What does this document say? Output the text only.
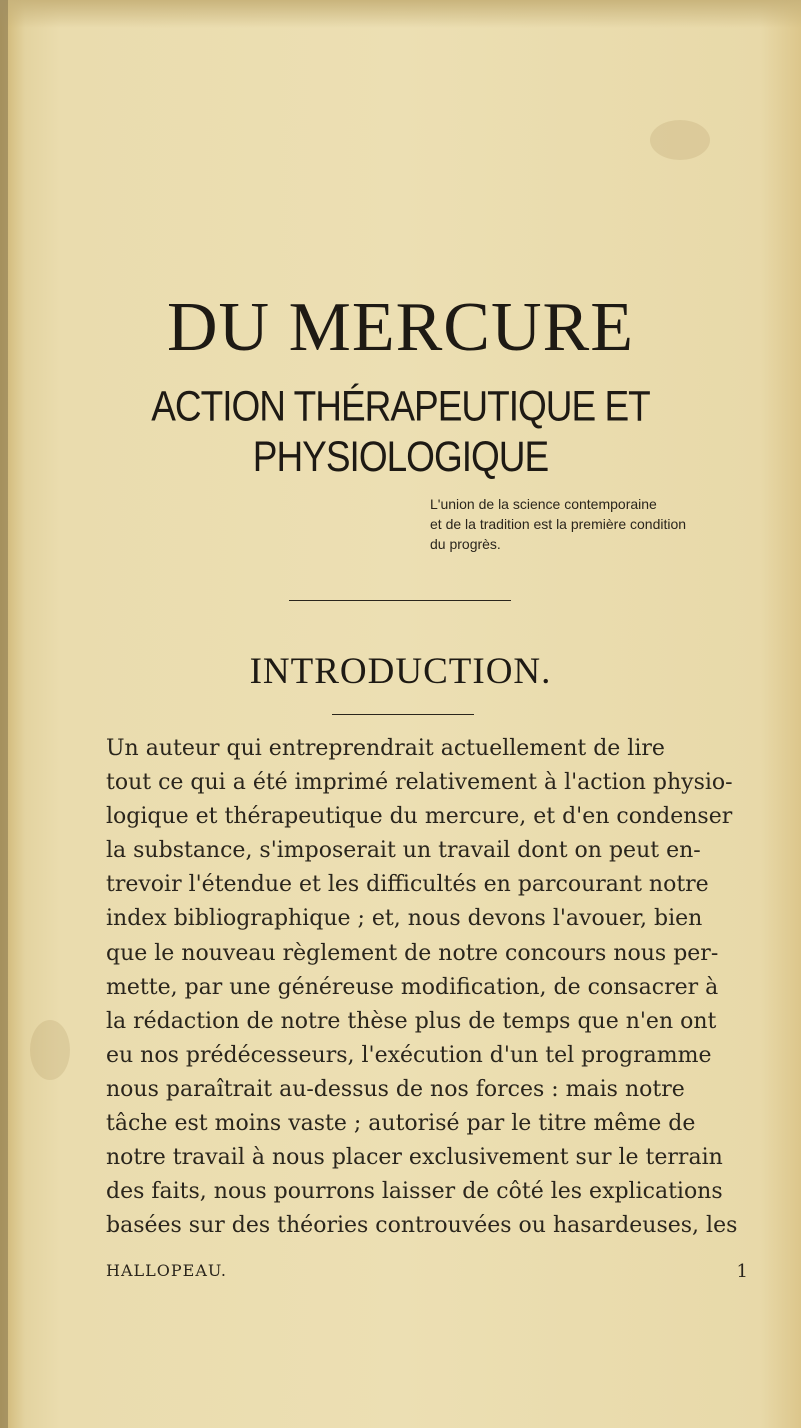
DU MERCURE
ACTION THÉRAPEUTIQUE ET PHYSIOLOGIQUE
L'union de la science contemporaine
et de la tradition est la première condition
du progrès.
INTRODUCTION.
Un auteur qui entreprendrait actuellement de lire
tout ce qui a été imprimé relativement à l'action physio-
logique et thérapeutique du mercure, et d'en condenser
la substance, s'imposerait un travail dont on peut en-
trevoir l'étendue et les difficultés en parcourant notre
index bibliographique ; et, nous devons l'avouer, bien
que le nouveau règlement de notre concours nous per-
mette, par une généreuse modification, de consacrer à
la rédaction de notre thèse plus de temps que n'en ont
eu nos prédécesseurs, l'exécution d'un tel programme
nous paraîtrait au-dessus de nos forces : mais notre
tâche est moins vaste ; autorisé par le titre même de
notre travail à nous placer exclusivement sur le terrain
des faits, nous pourrons laisser de côté les explications
basées sur des théories controuvées ou hasardeuses, les
HALLOPEAU.	1
